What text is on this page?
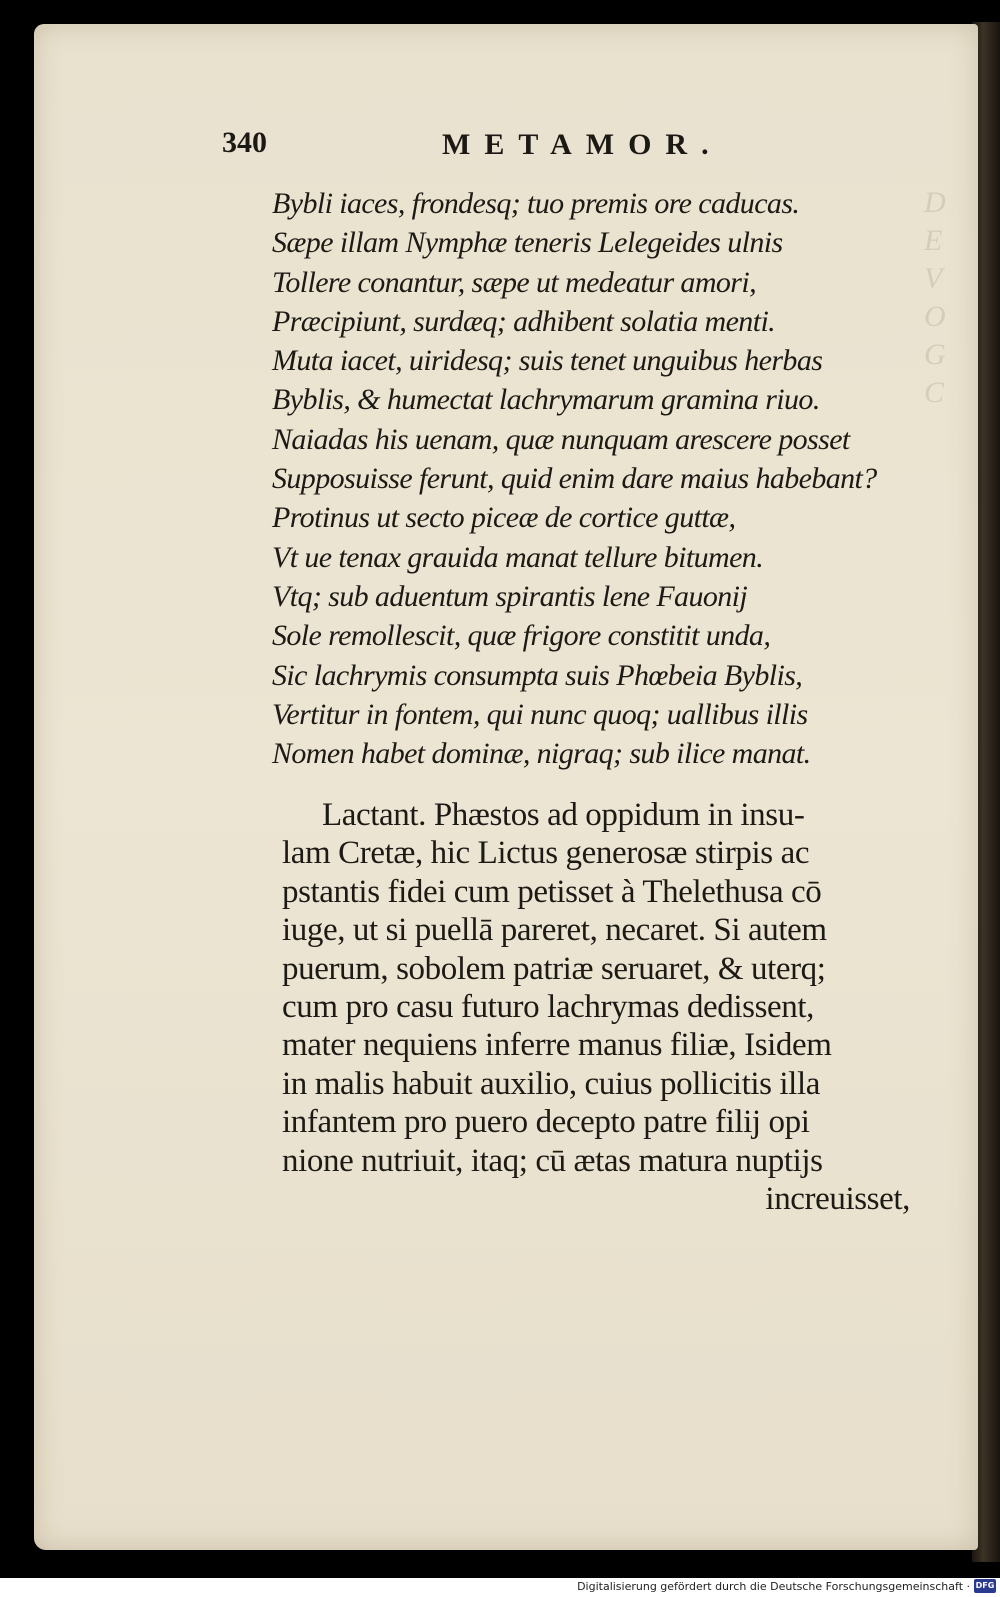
D
E
V
O
G
C
340	METAMOR.
Bybli iaces, frondesq; tuo premis ore caducas.
Sæpe illam Nymphæ teneris Lelegeides ulnis
Tollere conantur, sæpe ut medeatur amori,
Præcipiunt, surdæq; adhibent solatia menti.
Muta iacet, uiridesq; suis tenet unguibus herbas
Byblis, & humectat lachrymarum gramina riuo.
Naiadas his uenam, quæ nunquam arescere posset
Supposuisse ferunt, quid enim dare maius habebant?
Protinus ut secto piceæ de cortice guttæ,
Vt ue tenax grauida manat tellure bitumen.
Vtq; sub aduentum spirantis lene Fauonij
Sole remollescit, quæ frigore constitit unda,
Sic lachrymis consumpta suis Phœbeia Byblis,
Vertitur in fontem, qui nunc quoq; uallibus illis
Nomen habet dominæ, nigraq; sub ilice manat.
Lactant. Phæstos ad oppidum in insu-
lam Cretæ, hic Lictus generosæ stirpis ac
pstantis fidei cum petisset à Thelethusa cō
iuge, ut si puellā pareret, necaret. Si autem
puerum, sobolem patriæ seruaret, & uterq;
cum pro casu futuro lachrymas dedissent,
mater nequiens inferre manus filiæ, Isidem
in malis habuit auxilio, cuius pollicitis illa
infantem pro puero decepto patre filij opi
nione nutriuit, itaq; cū ætas matura nuptijs
increuisset,
Digitalisierung gefördert durch die Deutsche Forschungsgemeinschaft · DFG
